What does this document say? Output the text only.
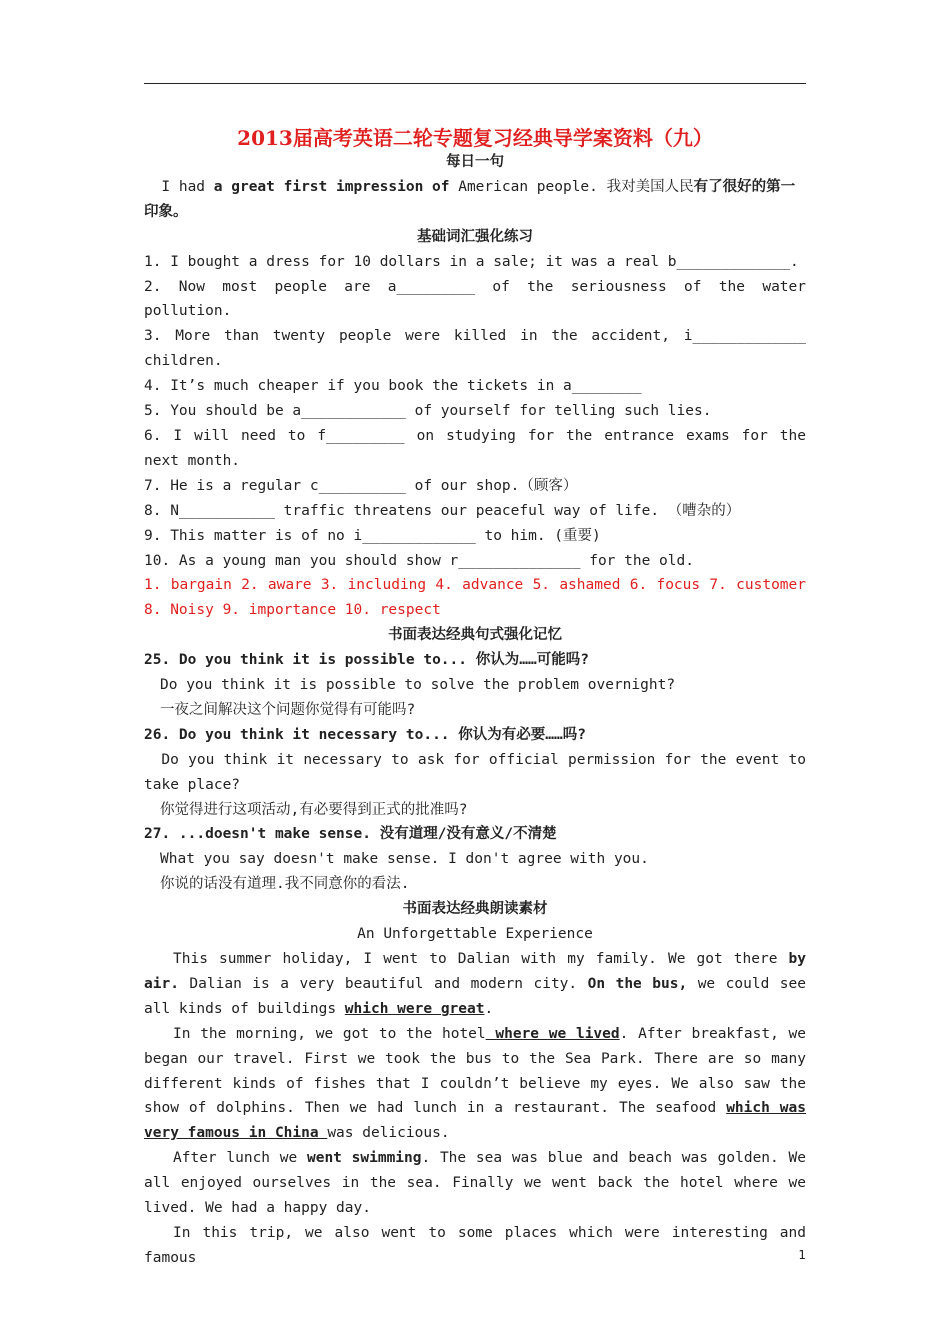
2013届高考英语二轮专题复习经典导学案资料（九）

每日一句

I had a great first impression of American people. 我对美国人民有了很好的第一印象。

基础词汇强化练习

1. I bought a dress for 10 dollars in a sale; it was a real b_____________.

2. Now most people are a_________ of the seriousness of the water pollution.

3. More than twenty people were killed in the accident, i_____________ children.

4. It’s much cheaper if you book the tickets in a________

5. You should be a____________ of yourself for telling such lies.

6. I will need to f_________ on studying for the entrance exams for the next month.

7. He is a regular c__________ of our shop.（顾客）

8. N___________ traffic threatens our peaceful way of life. （嘈杂的）

9. This matter is of no i_____________ to him. (重要)

10. As a young man you should show r______________ for the old.

1. bargain 2. aware 3. including 4. advance 5. ashamed 6. focus 7. customer 8. Noisy 9. importance 10. respect

书面表达经典句式强化记忆

25. Do you think it is possible to... 你认为……可能吗?

Do you think it is possible to solve the problem overnight?

一夜之间解决这个问题你觉得有可能吗?

26. Do you think it necessary to... 你认为有必要……吗?

Do you think it necessary to ask for official permission for the event to take place?

你觉得进行这项活动,有必要得到正式的批准吗?

27. ...doesn't make sense. 没有道理/没有意义/不清楚

What you say doesn't make sense. I don't agree with you.

你说的话没有道理.我不同意你的看法.

书面表达经典朗读素材

An Unforgettable Experience

This summer holiday, I went to Dalian with my family. We got there by air. Dalian is a very beautiful and modern city. On the bus, we could see all kinds of buildings which were great.

In the morning, we got to the hotel where we lived. After breakfast, we began our travel. First we took the bus to the Sea Park. There are so many different kinds of fishes that I couldn’t believe my eyes. We also saw the show of dolphins. Then we had lunch in a restaurant. The seafood which was very famous in China was delicious.

After lunch we went swimming. The sea was blue and beach was golden. We all enjoyed ourselves in the sea. Finally we went back the hotel where we lived. We had a happy day.

In this trip, we also went to some places which were interesting and famous	1
